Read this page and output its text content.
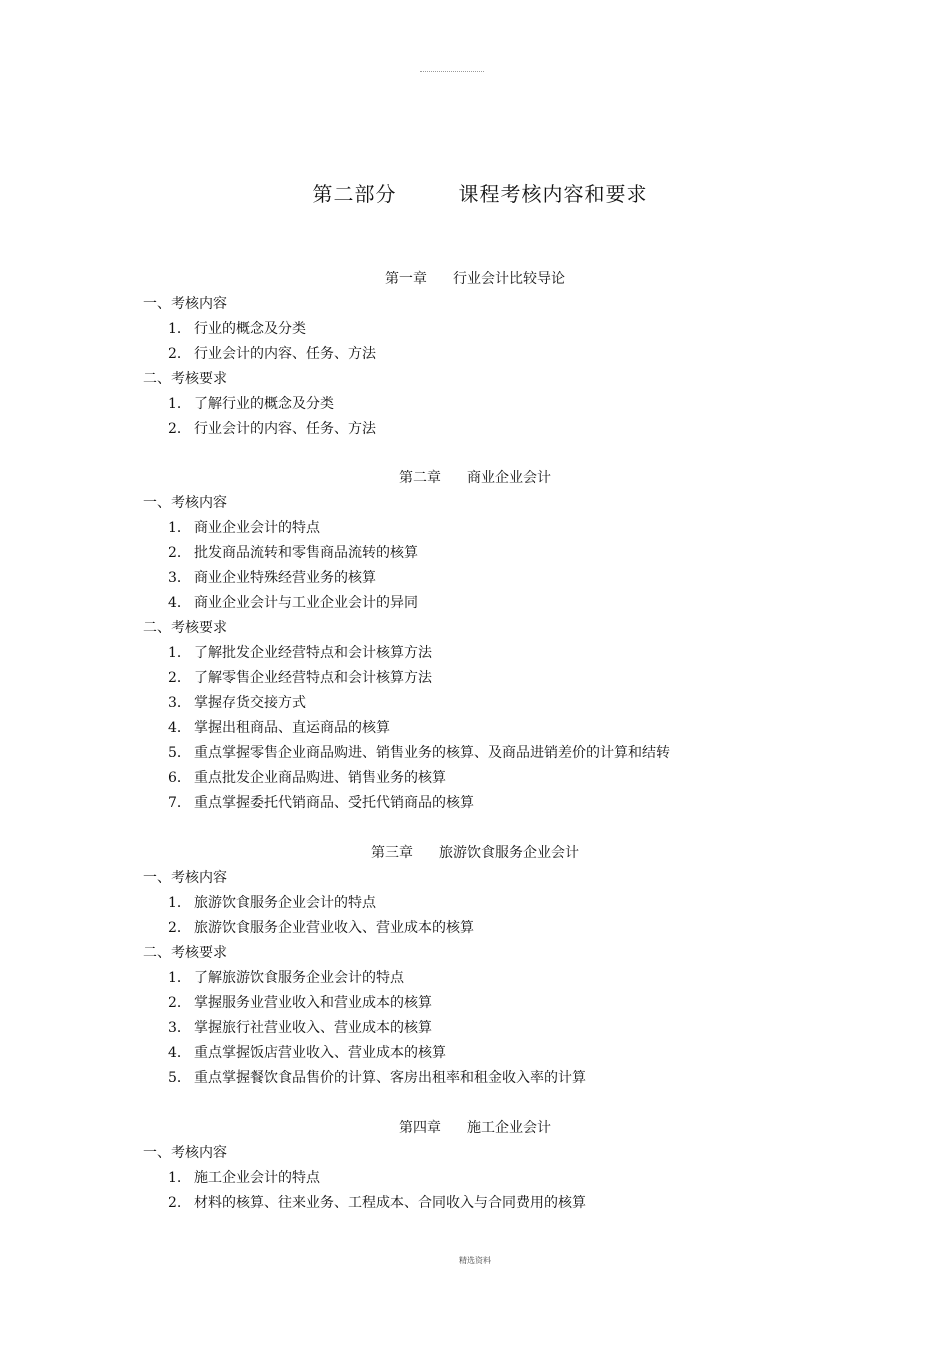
第二部分	课程考核内容和要求
第一章 行业会计比较导论
一、考核内容
1． 行业的概念及分类
2． 行业会计的内容、任务、方法
二、考核要求
1． 了解行业的概念及分类
2． 行业会计的内容、任务、方法
第二章 商业企业会计
一、考核内容
1． 商业企业会计的特点
2． 批发商品流转和零售商品流转的核算
3． 商业企业特殊经营业务的核算
4． 商业企业会计与工业企业会计的异同
二、考核要求
1． 了解批发企业经营特点和会计核算方法
2． 了解零售企业经营特点和会计核算方法
3． 掌握存货交接方式
4． 掌握出租商品、直运商品的核算
5． 重点掌握零售企业商品购进、销售业务的核算、及商品进销差价的计算和结转
6． 重点批发企业商品购进、销售业务的核算
7． 重点掌握委托代销商品、受托代销商品的核算
第三章 旅游饮食服务企业会计
一、考核内容
1． 旅游饮食服务企业会计的特点
2． 旅游饮食服务企业营业收入、营业成本的核算
二、考核要求
1． 了解旅游饮食服务企业会计的特点
2． 掌握服务业营业收入和营业成本的核算
3． 掌握旅行社营业收入、营业成本的核算
4． 重点掌握饭店营业收入、营业成本的核算
5． 重点掌握餐饮食品售价的计算、客房出租率和租金收入率的计算
第四章 施工企业会计
一、考核内容
1. 施工企业会计的特点
2. 材料的核算、往来业务、工程成本、合同收入与合同费用的核算
精选资料
